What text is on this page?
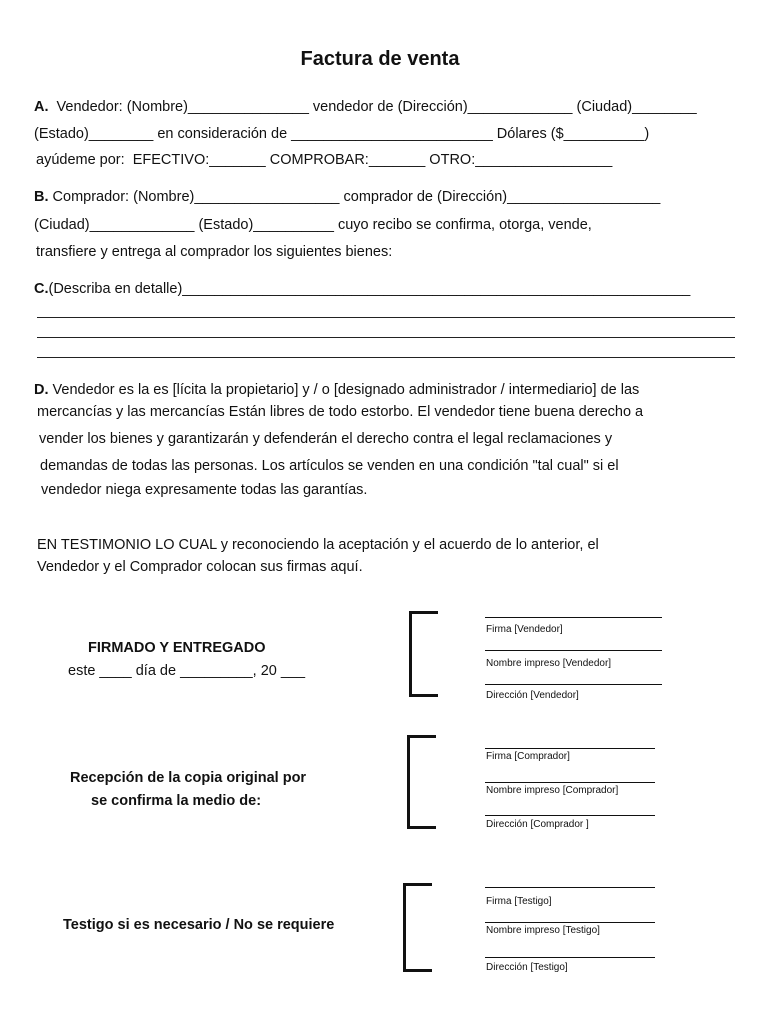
Factura de venta
A.  Vendedor: (Nombre)_______________ vendedor de (Dirección)_____________ (Ciudad)________
(Estado)________ en consideración de _________________________ Dólares ($__________)
ayúdeme por:  EFECTIVO:_______ COMPROBAR:_______ OTRO:_________________
B. Comprador: (Nombre)__________________ comprador de (Dirección)___________________
(Ciudad)_____________ (Estado)__________ cuyo recibo se confirma, otorga, vende,
transfiere y entrega al comprador los siguientes bienes:
C.(Describa en detalle)_______________________________________________________________
D. Vendedor es la es [lícita la propietario] y / o [designado administrador / intermediario] de las
mercancías y las mercancías Están libres de todo estorbo. El vendedor tiene buena derecho a
vender los bienes y garantizarán y defenderán el derecho contra el legal reclamaciones y
demandas de todas las personas. Los artículos se venden en una condición "tal cual" si el
vendedor niega expresamente todas las garantías.
EN TESTIMONIO LO CUAL y reconociendo la aceptación y el acuerdo de lo anterior, el
Vendedor y el Comprador colocan sus firmas aquí.
FIRMADO Y ENTREGADO
este ____ día de _________, 20 ___
Recepción de la copia original por
se confirma la medio de:
Testigo si es necesario / No se requiere
Firma [Vendedor]
Nombre impreso [Vendedor]
Dirección [Vendedor]
Firma [Comprador]
Nombre impreso [Comprador]
Dirección [Comprador ]
Firma [Testigo]
Nombre impreso [Testigo]
Dirección [Testigo]
